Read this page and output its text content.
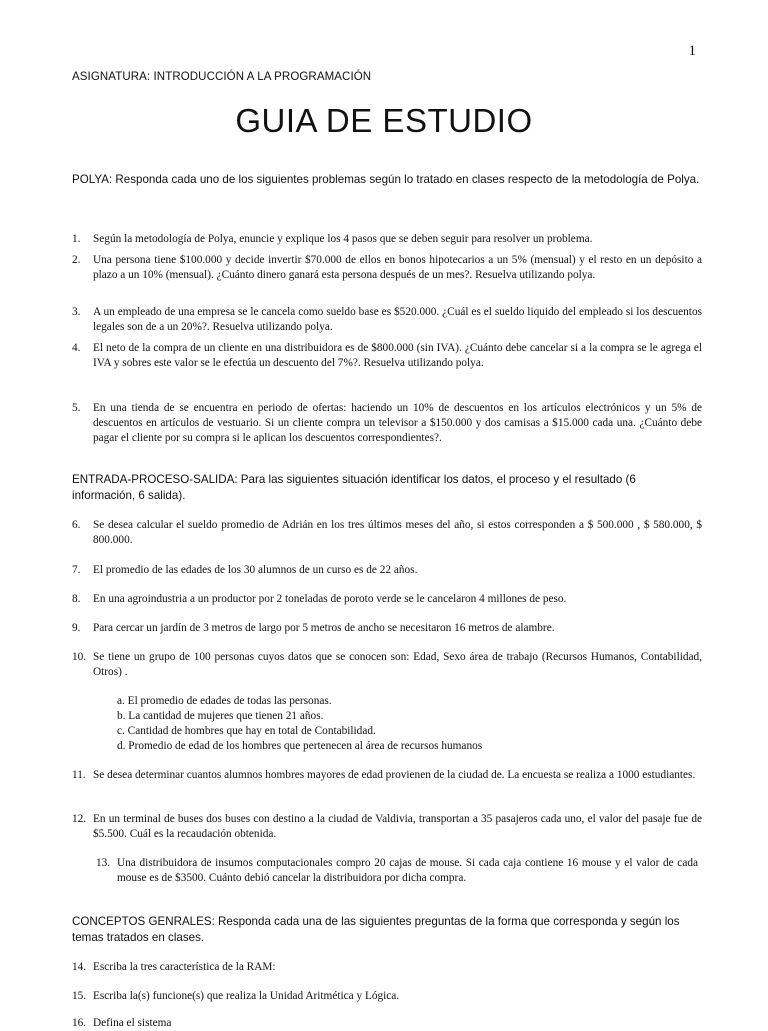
1
ASIGNATURA: INTRODUCCIÓN A LA PROGRAMACIÓN
GUIA DE ESTUDIO
POLYA: Responda cada uno de los siguientes problemas según lo tratado en clases respecto de la metodología de Polya.
1.	Según la metodología de Polya, enuncie y explique los 4 pasos que se deben seguir para resolver un problema.
2.	Una persona tiene $100.000 y decide invertir $70.000 de ellos en bonos hipotecarios a un 5% (mensual) y el resto en un depósito a plazo a un 10% (mensual). ¿Cuánto dinero ganará esta persona después de un mes?. Resuelva utilizando polya.
3.	A un empleado de una empresa se le cancela como sueldo base es $520.000. ¿Cuál es el sueldo liquido del empleado si los descuentos legales son de a un 20%?. Resuelva utilizando polya.
4.	El neto de la compra de un cliente en una distribuidora es de $800.000 (sin IVA). ¿Cuánto debe cancelar si a la compra se le agrega el IVA y sobres este valor se le efectúa un descuento del 7%?. Resuelva utilizando polya.
5.	En una tienda de se encuentra en periodo de ofertas: haciendo un 10% de descuentos en los artículos electrónicos y un 5% de descuentos en artículos de vestuario. Si un cliente compra un televisor a $150.000 y dos camisas a $15.000 cada una. ¿Cuánto debe pagar el cliente por su compra si le aplican los descuentos correspondientes?.
ENTRADA-PROCESO-SALIDA: Para las siguientes situación identificar los datos, el proceso y el resultado (6 información, 6 salida).
6.	Se desea calcular el sueldo promedio de Adrián en los tres últimos meses del año, si estos corresponden a $ 500.000 , $ 580.000, $ 800.000.
7.	El promedio de las edades de los 30 alumnos de un curso es de 22 años.
8.	En una agroindustria a un productor por 2 toneladas de poroto verde se le cancelaron 4 millones de peso.
9.	Para cercar un jardín de 3 metros de largo por 5 metros de ancho se necesitaron 16 metros de alambre.
10. Se tiene un grupo de 100 personas cuyos datos que se conocen son: Edad, Sexo área de trabajo (Recursos Humanos, Contabilidad, Otros) .
a. El promedio de edades de todas las personas.
b. La cantidad de mujeres que tienen 21 años.
c. Cantidad de hombres que hay en total de Contabilidad.
d. Promedio de edad de los hombres que pertenecen al área de recursos humanos
11. Se desea determinar cuantos alumnos hombres mayores de edad provienen de la ciudad de. La encuesta se realiza a 1000 estudiantes.
12. En un terminal de buses dos buses con destino a la ciudad de Valdivia, transportan a 35 pasajeros cada uno, el valor del pasaje fue de $5.500. Cuál es la recaudación obtenida.
13. Una distribuidora de insumos computacionales compro 20 cajas de mouse. Si cada caja contiene 16 mouse y el valor de cada mouse es de $3500. Cuánto debió cancelar la distribuidora por dicha compra.
CONCEPTOS GENRALES: Responda cada una de las siguientes preguntas de la forma que corresponda y según los temas tratados en clases.
14. Escriba la tres característica de la RAM:
15. Escriba la(s) funcione(s) que realiza la Unidad Aritmética y Lógica.
16. Defina el sistema
